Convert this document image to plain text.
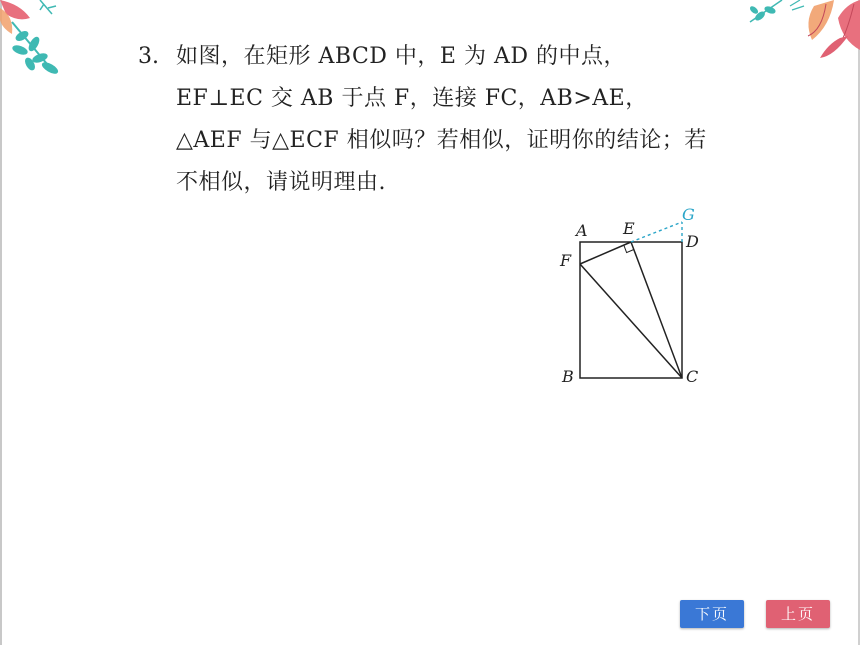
3. 如图，在矩形 ABCD 中，E 为 AD 的中点，EF⊥EC 交 AB 于点 F，连接 FC，AB>AE，△AEF 与△ECF 相似吗？若相似，证明你的结论；若不相似，请说明理由.
A E
D
F
B	C
G
下页	上页
